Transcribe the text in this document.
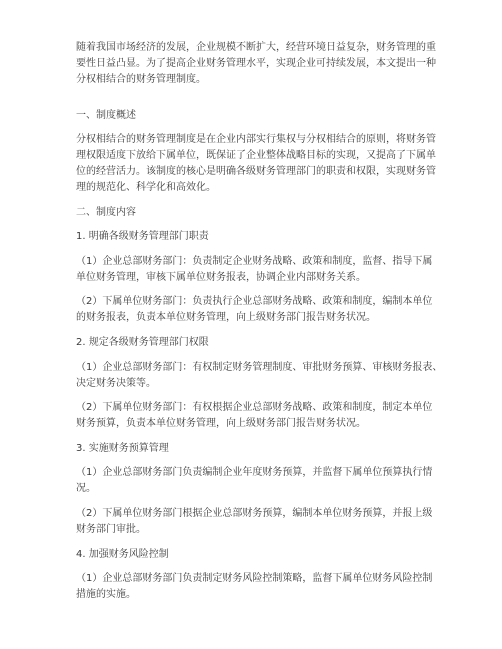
随着我国市场经济的发展，企业规模不断扩大，经营环境日益复杂，财务管理的重
要性日益凸显。为了提高企业财务管理水平，实现企业可持续发展，本文提出一种
分权相结合的财务管理制度。
一、制度概述
分权相结合的财务管理制度是在企业内部实行集权与分权相结合的原则，将财务管
理权限适度下放给下属单位，既保证了企业整体战略目标的实现，又提高了下属单
位的经营活力。该制度的核心是明确各级财务管理部门的职责和权限，实现财务管
理的规范化、科学化和高效化。
二、制度内容
1. 明确各级财务管理部门职责
（1）企业总部财务部门：负责制定企业财务战略、政策和制度，监督、指导下属
单位财务管理，审核下属单位财务报表，协调企业内部财务关系。
（2）下属单位财务部门：负责执行企业总部财务战略、政策和制度，编制本单位
的财务报表，负责本单位财务管理，向上级财务部门报告财务状况。
2. 规定各级财务管理部门权限
（1）企业总部财务部门：有权制定财务管理制度、审批财务预算、审核财务报表、
决定财务决策等。
（2）下属单位财务部门：有权根据企业总部财务战略、政策和制度，制定本单位
财务预算，负责本单位财务管理，向上级财务部门报告财务状况。
3. 实施财务预算管理
（1）企业总部财务部门负责编制企业年度财务预算，并监督下属单位预算执行情
况。
（2）下属单位财务部门根据企业总部财务预算，编制本单位财务预算，并报上级
财务部门审批。
4. 加强财务风险控制
（1）企业总部财务部门负责制定财务风险控制策略，监督下属单位财务风险控制
措施的实施。
